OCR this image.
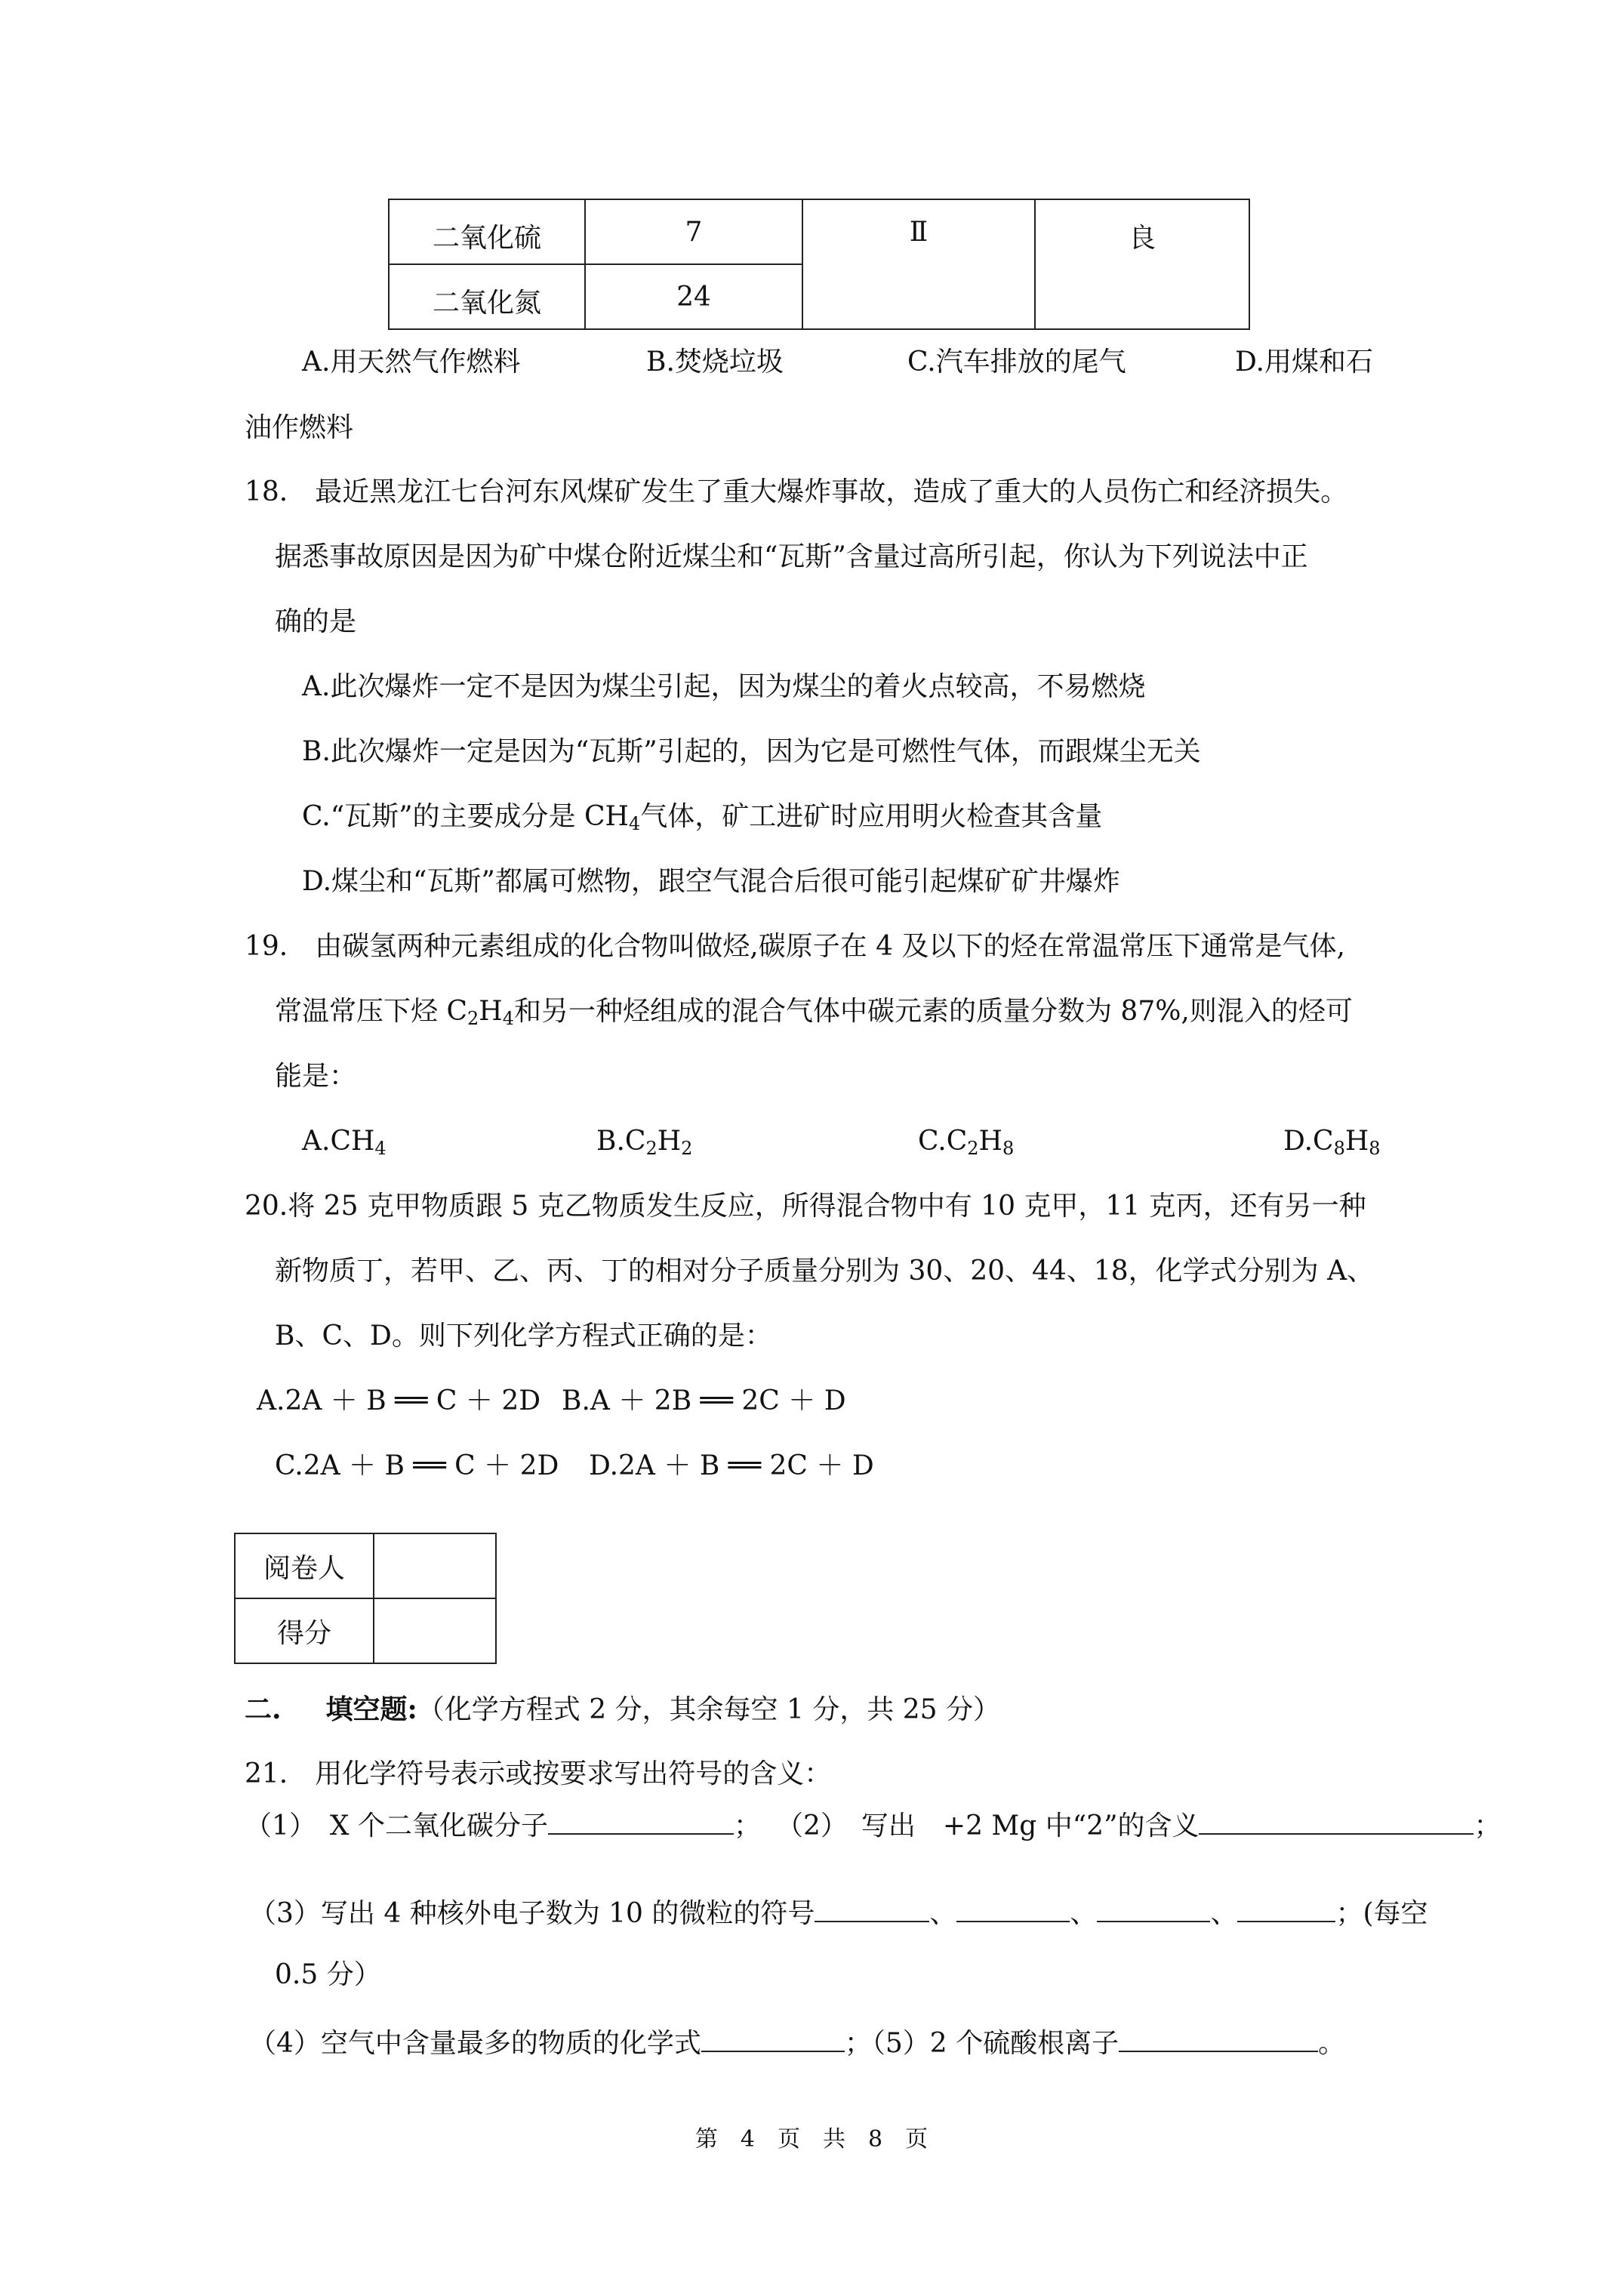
二氧化硫	7	Ⅱ	良
二氧化氮	24		
A.用天然气作燃料	B.焚烧垃圾	C.汽车排放的尾气	D.用煤和石
油作燃料
18.　最近黑龙江七台河东风煤矿发生了重大爆炸事故，造成了重大的人员伤亡和经济损失。
据悉事故原因是因为矿中煤仓附近煤尘和“瓦斯”含量过高所引起，你认为下列说法中正
确的是
A.此次爆炸一定不是因为煤尘引起，因为煤尘的着火点较高，不易燃烧
B.此次爆炸一定是因为“瓦斯”引起的，因为它是可燃性气体，而跟煤尘无关
C.“瓦斯”的主要成分是 $CH_4$气体，矿工进矿时应用明火检查其含量
D.煤尘和“瓦斯”都属可燃物，跟空气混合后很可能引起煤矿矿井爆炸
19.　由碳氢两种元素组成的化合物叫做烃,碳原子在 4 及以下的烃在常温常压下通常是气体,
常温常压下烃 $C_2H_4$和另一种烃组成的混合气体中碳元素的质量分数为 87%,则混入的烃可
能是：
$A.CH_4$	$B.C_2H_2$	$C.C_2H_8$	$D.C_8H_8$
20.将 25 克甲物质跟 5 克乙物质发生反应，所得混合物中有 10 克甲，11 克丙，还有另一种
新物质丁，若甲、乙、丙、丁的相对分子质量分别为 30、20、44、18，化学式分别为 A、
B、C、D。则下列化学方程式正确的是：
A.2A ＋ B ══ C ＋ 2D B.A ＋ 2B ══ 2C ＋ D
C.2A ＋ B ══ C ＋ 2D D.2A ＋ B ══ 2C ＋ D
阅卷人	
得分	
二. 填空题:（化学方程式 2 分，其余每空 1 分，共 25 分）
21.　用化学符号表示或按要求写出符号的含义：
（1）　X 个二氧化碳分子	； （2）　写出　+2 Mg 中“2”的含义	；
（3）写出 4 种核外电子数为 10 的微粒的符号	、	、	、	；(每空
0.5 分）
（4）空气中含量最多的物质的化学式	；（5）2 个硫酸根离子	。
第　4　页　共　8　页
